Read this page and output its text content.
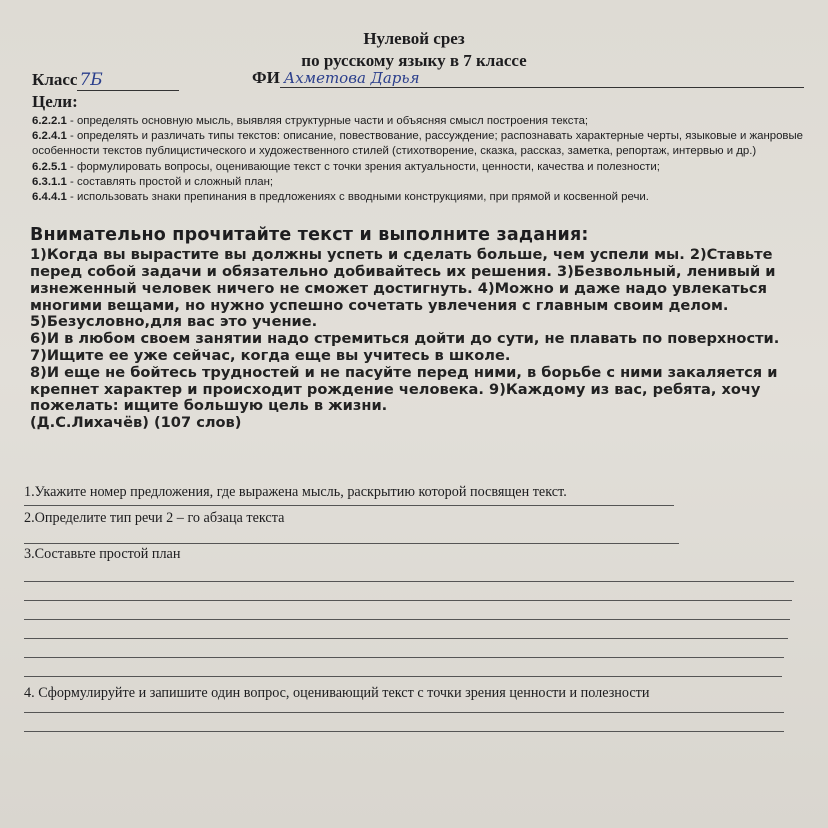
Нулевой срез
по русскому языку в 7 классе
Класс 7Б	ФИ Ахметова Дарья
Цели:
6.2.2.1 - определять основную мысль, выявляя структурные части и объясняя смысл построения текста;
6.2.4.1 - определять и различать типы текстов: описание, повествование, рассуждение; распознавать характерные черты, языковые и жанровые особенности текстов публицистического и художественного стилей (стихотворение, сказка, рассказ, заметка, репортаж, интервью и др.)
6.2.5.1 - формулировать вопросы, оценивающие текст с точки зрения актуальности, ценности, качества и полезности;
6.3.1.1 - составлять простой и сложный план;
6.4.4.1 - использовать знаки препинания в предложениях с вводными конструкциями, при прямой и косвенной речи.
Внимательно прочитайте текст и выполните задания:

1)Когда вы вырастите вы должны успеть и сделать больше, чем успели мы. 2)Ставьте перед собой задачи и обязательно добивайтесь их решения. 3)Безвольный, ленивый и изнеженный человек ничего не сможет достигнуть. 4)Можно и даже надо увлекаться многими вещами, но нужно успешно сочетать увлечения с главным своим делом. 5)Безусловно,для вас это учение.

6)И в любом своем занятии надо стремиться дойти до сути, не плавать по поверхности. 7)Ищите ее уже сейчас, когда еще вы учитесь в школе.

8)И еще не бойтесь трудностей и не пасуйте перед ними, в борьбе с ними закаляется и крепнет характер и происходит рождение человека. 9)Каждому из вас, ребята, хочу пожелать: ищите большую цель в жизни.

(Д.С.Лихачёв) (107 слов)

1.Укажите номер предложения, где выражена мысль, раскрытию которой посвящен текст.
2.Определите тип речи 2 – го абзаца текста
3.Составьте простой план
4. Сформулируйте и запишите один вопрос, оценивающий текст с точки зрения ценности и полезности
